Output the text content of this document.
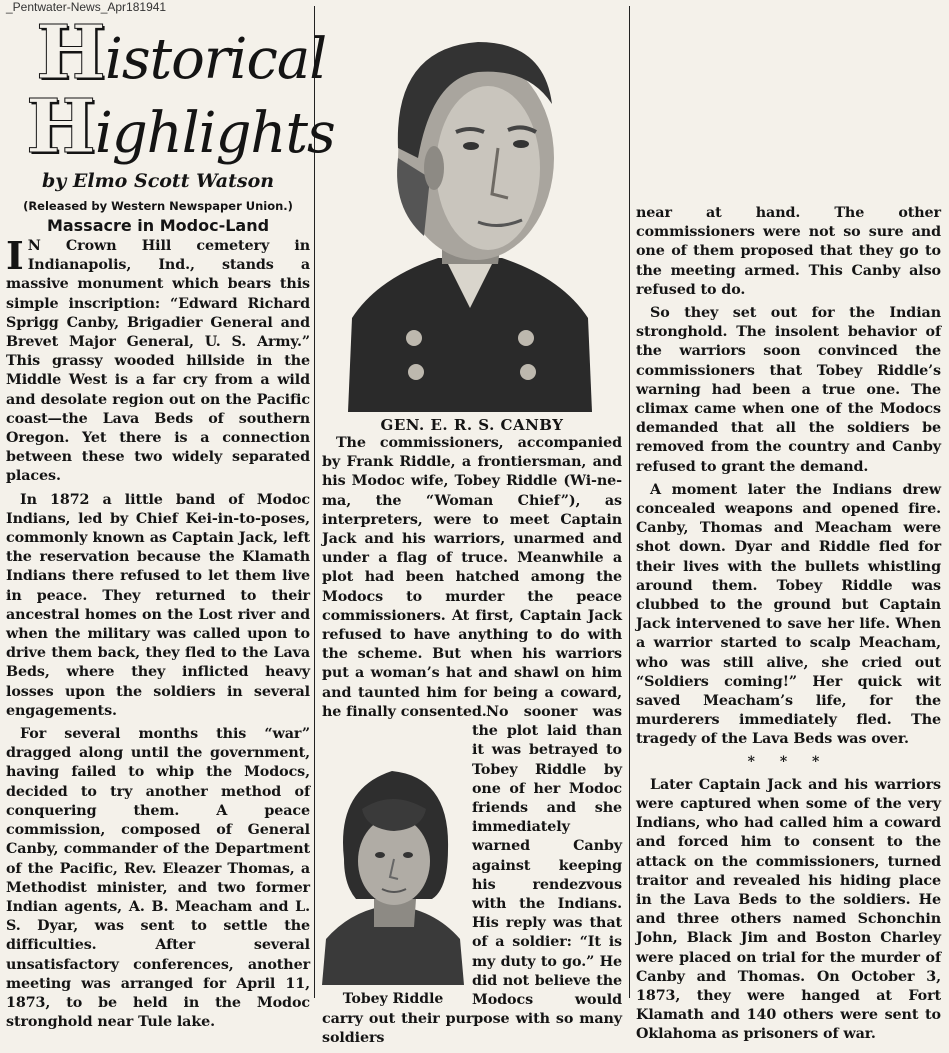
_Pentwater-News_Apr181941
Historical
Highlights
by Elmo Scott Watson
(Released by Western Newspaper Union.)
Massacre in Modoc-Land

I N Crown Hill cemetery in Indianapolis, Ind., stands a massive monument which bears this simple inscription: “Edward Richard Sprigg Canby, Brigadier General and Brevet Major General, U. S. Army.” This grassy wooded hillside in the Middle West is a far cry from a wild and desolate region out on the Pacific coast—the Lava Beds of southern Oregon. Yet there is a connection between these two widely separated places.

In 1872 a little band of Modoc Indians, led by Chief Kei-in-to-poses, commonly known as Captain Jack, left the reservation because the Klamath Indians there refused to let them live in peace. They returned to their ancestral homes on the Lost river and when the military was called upon to drive them back, they fled to the Lava Beds, where they inflicted heavy losses upon the soldiers in several engagements.

For several months this “war” dragged along until the government, having failed to whip the Modocs, decided to try another method of conquering them. A peace commission, composed of General Canby, commander of the Department of the Pacific, Rev. Eleazer Thomas, a Methodist minister, and two former Indian agents, A. B. Meacham and L. S. Dyar, was sent to settle the difficulties. After several unsatisfactory conferences, another meeting was arranged for April 11, 1873, to be held in the Modoc stronghold near Tule lake.

GEN. E. R. S. CANBY

The commissioners, accompanied by Frank Riddle, a frontiersman, and his Modoc wife, Tobey Riddle (Wi-ne-ma, the “Woman Chief”), as interpreters, were to meet Captain Jack and his warriors, unarmed and under a flag of truce. Meanwhile a plot had been hatched among the Modocs to murder the peace commissioners. At first, Captain Jack refused to have anything to do with the scheme. But when his warriors put a woman’s hat and shawl on him and taunted him for being a coward, he finally consented.

Tobey Riddle

No sooner was the plot laid than it was betrayed to Tobey Riddle by one of her Modoc friends and she immediately warned Canby against keeping his rendezvous with the Indians. His reply was that of a soldier: “It is my duty to go.” He did not believe the Modocs would carry out their purpose with so many soldiers

near at hand. The other commissioners were not so sure and one of them proposed that they go to the meeting armed. This Canby also refused to do.

So they set out for the Indian stronghold. The insolent behavior of the warriors soon convinced the commissioners that Tobey Riddle’s warning had been a true one. The climax came when one of the Modocs demanded that all the soldiers be removed from the country and Canby refused to grant the demand.

A moment later the Indians drew concealed weapons and opened fire. Canby, Thomas and Meacham were shot down. Dyar and Riddle fled for their lives with the bullets whistling around them. Tobey Riddle was clubbed to the ground but Captain Jack intervened to save her life. When a warrior started to scalp Meacham, who was still alive, she cried out “Soldiers coming!” Her quick wit saved Meacham’s life, for the murderers immediately fled. The tragedy of the Lava Beds was over.

* * *

Later Captain Jack and his warriors were captured when some of the very Indians, who had called him a coward and forced him to consent to the attack on the commissioners, turned traitor and revealed his hiding place in the Lava Beds to the soldiers. He and three others named Schonchin John, Black Jim and Boston Charley were placed on trial for the murder of Canby and Thomas. On October 3, 1873, they were hanged at Fort Klamath and 140 others were sent to Oklahoma as prisoners of war.
